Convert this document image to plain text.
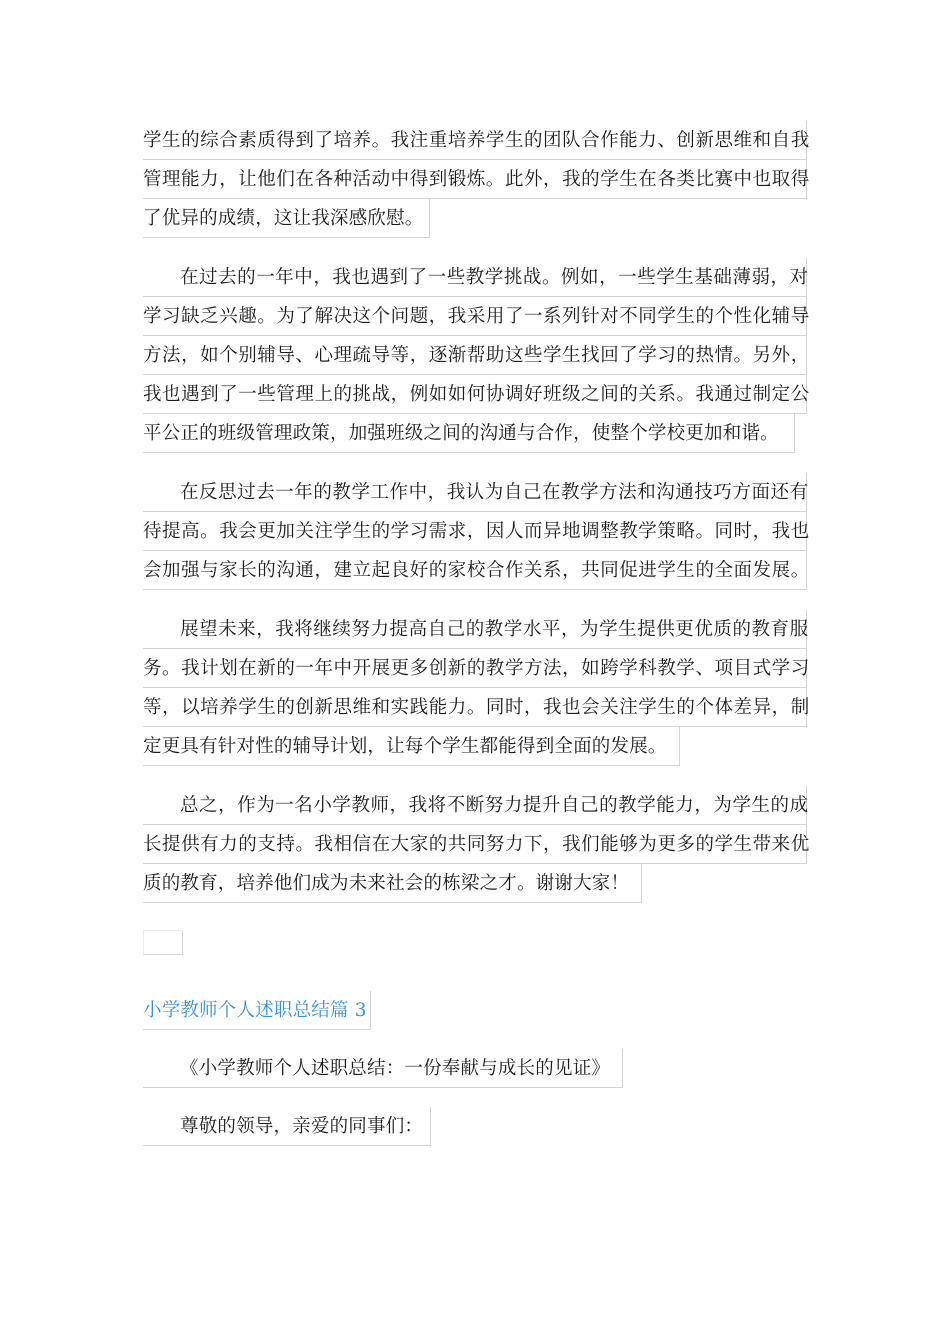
学生的综合素质得到了培养。我注重培养学生的团队合作能力、创新思维和自我
管理能力，让他们在各种活动中得到锻炼。此外，我的学生在各类比赛中也取得
了优异的成绩，这让我深感欣慰。
在过去的一年中，我也遇到了一些教学挑战。例如，一些学生基础薄弱，对
学习缺乏兴趣。为了解决这个问题，我采用了一系列针对不同学生的个性化辅导
方法，如个别辅导、心理疏导等，逐渐帮助这些学生找回了学习的热情。另外，
我也遇到了一些管理上的挑战，例如如何协调好班级之间的关系。我通过制定公
平公正的班级管理政策，加强班级之间的沟通与合作，使整个学校更加和谐。
在反思过去一年的教学工作中，我认为自己在教学方法和沟通技巧方面还有
待提高。我会更加关注学生的学习需求，因人而异地调整教学策略。同时，我也
会加强与家长的沟通，建立起良好的家校合作关系，共同促进学生的全面发展。
展望未来，我将继续努力提高自己的教学水平，为学生提供更优质的教育服
务。我计划在新的一年中开展更多创新的教学方法，如跨学科教学、项目式学习
等，以培养学生的创新思维和实践能力。同时，我也会关注学生的个体差异，制
定更具有针对性的辅导计划，让每个学生都能得到全面的发展。
总之，作为一名小学教师，我将不断努力提升自己的教学能力，为学生的成
长提供有力的支持。我相信在大家的共同努力下，我们能够为更多的学生带来优
质的教育，培养他们成为未来社会的栋梁之才。谢谢大家！
小学教师个人述职总结篇 3
《小学教师个人述职总结：一份奉献与成长的见证》
尊敬的领导，亲爱的同事们：
